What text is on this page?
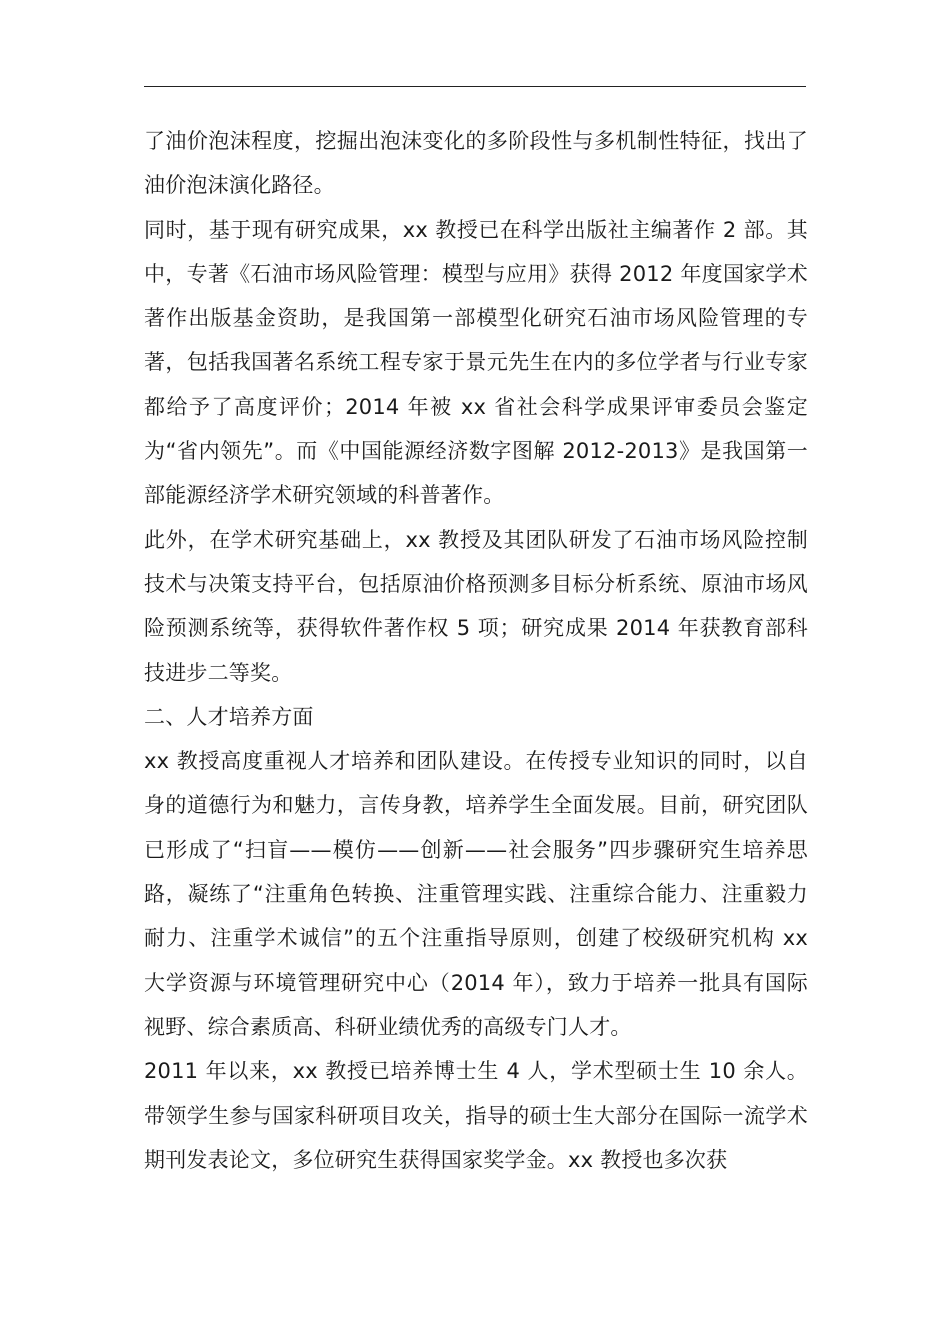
了油价泡沫程度，挖掘出泡沫变化的多阶段性与多机制性特征，找出了油价泡沫演化路径。

同时，基于现有研究成果，xx 教授已在科学出版社主编著作 2 部。其中，专著《石油市场风险管理：模型与应用》获得 2012 年度国家学术著作出版基金资助，是我国第一部模型化研究石油市场风险管理的专著，包括我国著名系统工程专家于景元先生在内的多位学者与行业专家都给予了高度评价；2014 年被 xx 省社会科学成果评审委员会鉴定为“省内领先”。而《中国能源经济数字图解 2012-2013》是我国第一部能源经济学术研究领域的科普著作。

此外，在学术研究基础上，xx 教授及其团队研发了石油市场风险控制技术与决策支持平台，包括原油价格预测多目标分析系统、原油市场风险预测系统等，获得软件著作权 5 项；研究成果 2014 年获教育部科技进步二等奖。

二、人才培养方面

xx 教授高度重视人才培养和团队建设。在传授专业知识的同时，以自身的道德行为和魅力，言传身教，培养学生全面发展。目前，研究团队已形成了“扫盲——模仿——创新——社会服务”四步骤研究生培养思路，凝练了“注重角色转换、注重管理实践、注重综合能力、注重毅力耐力、注重学术诚信”的五个注重指导原则，创建了校级研究机构 xx 大学资源与环境管理研究中心（2014 年），致力于培养一批具有国际视野、综合素质高、科研业绩优秀的高级专门人才。

2011 年以来，xx 教授已培养博士生 4 人，学术型硕士生 10 余人。带领学生参与国家科研项目攻关，指导的硕士生大部分在国际一流学术期刊发表论文，多位研究生获得国家奖学金。xx 教授也多次获
